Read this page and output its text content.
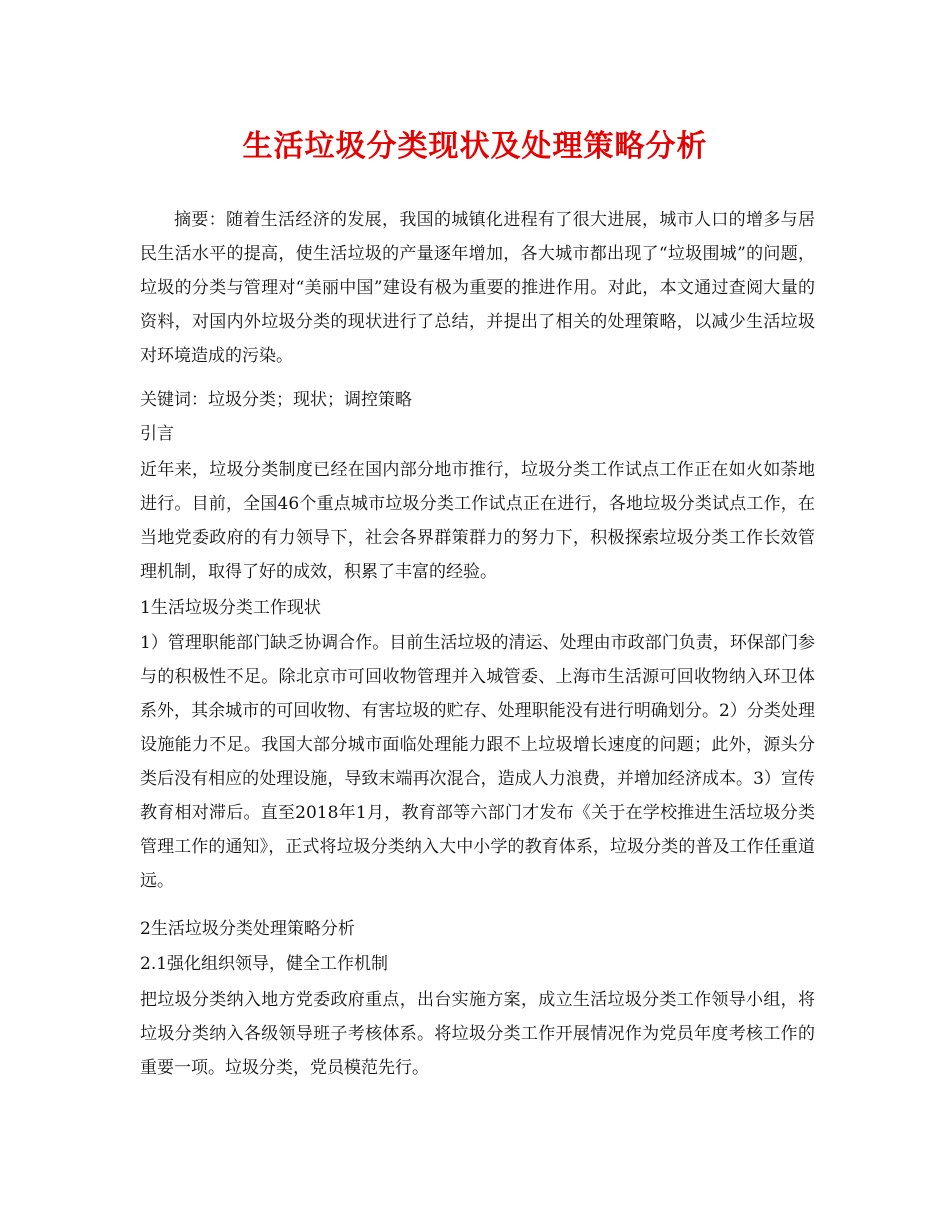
生活垃圾分类现状及处理策略分析

摘要：随着生活经济的发展，我国的城镇化进程有了很大进展，城市人口的增多与居民生活水平的提高，使生活垃圾的产量逐年增加，各大城市都出现了“垃圾围城”的问题，垃圾的分类与管理对“美丽中国”建设有极为重要的推进作用。对此，本文通过查阅大量的资料，对国内外垃圾分类的现状进行了总结，并提出了相关的处理策略，以减少生活垃圾对环境造成的污染。

关键词：垃圾分类；现状；调控策略

引言

近年来，垃圾分类制度已经在国内部分地市推行，垃圾分类工作试点工作正在如火如荼地进行。目前，全国46个重点城市垃圾分类工作试点正在进行，各地垃圾分类试点工作，在当地党委政府的有力领导下，社会各界群策群力的努力下，积极探索垃圾分类工作长效管理机制，取得了好的成效，积累了丰富的经验。

1生活垃圾分类工作现状

1）管理职能部门缺乏协调合作。目前生活垃圾的清运、处理由市政部门负责，环保部门参与的积极性不足。除北京市可回收物管理并入城管委、上海市生活源可回收物纳入环卫体系外，其余城市的可回收物、有害垃圾的贮存、处理职能没有进行明确划分。2）分类处理设施能力不足。我国大部分城市面临处理能力跟不上垃圾增长速度的问题；此外，源头分类后没有相应的处理设施，导致末端再次混合，造成人力浪费，并增加经济成本。3）宣传教育相对滞后。直至2018年1月，教育部等六部门才发布《关于在学校推进生活垃圾分类管理工作的通知》，正式将垃圾分类纳入大中小学的教育体系，垃圾分类的普及工作任重道远。

2生活垃圾分类处理策略分析

2.1强化组织领导，健全工作机制

把垃圾分类纳入地方党委政府重点，出台实施方案，成立生活垃圾分类工作领导小组，将垃圾分类纳入各级领导班子考核体系。将垃圾分类工作开展情况作为党员年度考核工作的重要一项。垃圾分类，党员模范先行。
